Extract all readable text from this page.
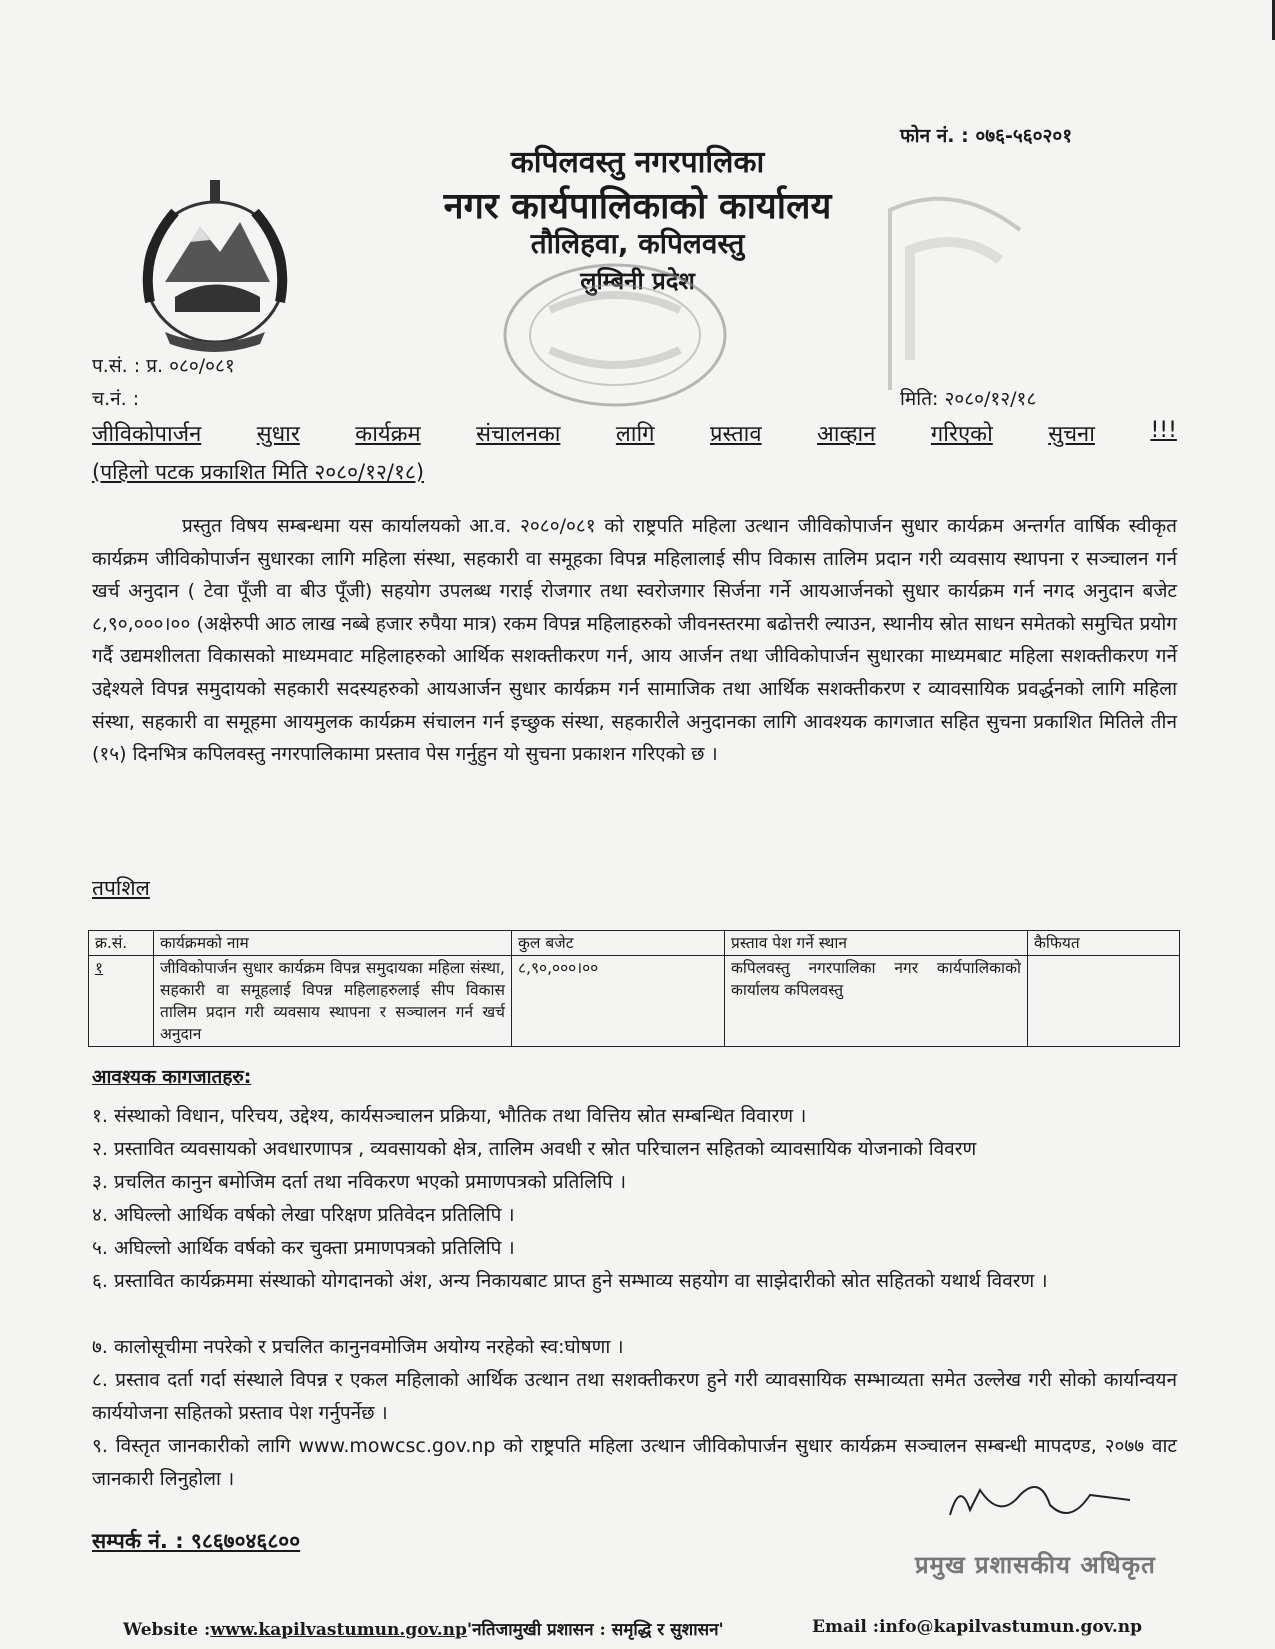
फोन नं. : ०७६-५६०२०१
कपिलवस्तु नगरपालिका
नगर कार्यपालिकाको कार्यालय
तौलिहवा, कपिलवस्तु
लुम्बिनी प्रदेश
प.सं. : प्र. ०८०/०८१
च.नं. :	मिति: २०८०/१२/१८
जीविकोपार्जन	सुधार	कार्यक्रम	संचालनका	लागि	प्रस्ताव	आव्हान	गरिएको	सुचना	!!!
(पहिलो पटक प्रकाशित मिति २०८०/१२/१८)
प्रस्तुत विषय सम्बन्धमा यस कार्यालयको आ.व. २०८०/०८१ को राष्ट्रपति महिला उत्थान जीविकोपार्जन सुधार कार्यक्रम अन्तर्गत वार्षिक स्वीकृत कार्यक्रम जीविकोपार्जन सुधारका लागि महिला संस्था, सहकारी वा समूहका विपन्न महिलालाई सीप विकास तालिम प्रदान गरी व्यवसाय स्थापना र सञ्चालन गर्न खर्च अनुदान ( टेवा पूँजी वा बीउ पूँजी) सहयोग उपलब्ध गराई रोजगार तथा स्वरोजगार सिर्जना गर्ने आयआर्जनको सुधार कार्यक्रम गर्न नगद अनुदान बजेट ८,९०,०००।०० (अक्षेरुपी आठ लाख नब्बे हजार रुपैया मात्र) रकम विपन्न महिलाहरुको जीवनस्तरमा बढोत्तरी ल्याउन, स्थानीय स्रोत साधन समेतको समुचित प्रयोग गर्दै उद्यमशीलता विकासको माध्यमवाट महिलाहरुको आर्थिक सशक्तीकरण गर्न, आय आर्जन तथा जीविकोपार्जन सुधारका माध्यमबाट महिला सशक्तीकरण गर्ने उद्देश्यले विपन्न समुदायको सहकारी सदस्यहरुको आयआर्जन सुधार कार्यक्रम गर्न सामाजिक तथा आर्थिक सशक्तीकरण र व्यावसायिक प्रवर्द्धनको लागि महिला संस्था, सहकारी वा समूहमा आयमुलक कार्यक्रम संचालन गर्न इच्छुक संस्था, सहकारीले अनुदानका लागि आवश्यक कागजात सहित सुचना प्रकाशित मितिले तीन (१५) दिनभित्र कपिलवस्तु नगरपालिकामा प्रस्ताव पेस गर्नुहुन यो सुचना प्रकाशन गरिएको छ ।
तपशिल
क्र.सं.	कार्यक्रमको नाम	कुल बजेट	प्रस्ताव पेश गर्ने स्थान	कैफियत
१	जीविकोपार्जन सुधार कार्यक्रम विपन्न समुदायका महिला संस्था, सहकारी वा समूहलाई विपन्न महिलाहरुलाई सीप विकास तालिम प्रदान गरी व्यवसाय स्थापना र सञ्चालन गर्न खर्च अनुदान	८,९०,०००।००	कपिलवस्तु नगरपालिका नगर कार्यपालिकाको कार्यालय कपिलवस्तु	
आवश्यक कागजातहरु:
१. संस्थाको विधान, परिचय, उद्देश्य, कार्यसञ्चालन प्रक्रिया, भौतिक तथा वित्तिय स्रोत सम्बन्धित विवारण ।
२. प्रस्तावित व्यवसायको अवधारणापत्र , व्यवसायको क्षेत्र, तालिम अवधी र स्रोत परिचालन सहितको व्यावसायिक योजनाको विवरण
३. प्रचलित कानुन बमोजिम दर्ता तथा नविकरण भएको प्रमाणपत्रको प्रतिलिपि ।
४. अघिल्लो आर्थिक वर्षको लेखा परिक्षण प्रतिवेदन प्रतिलिपि ।
५. अघिल्लो आर्थिक वर्षको कर चुक्ता प्रमाणपत्रको प्रतिलिपि ।
६. प्रस्तावित कार्यक्रममा संस्थाको योगदानको अंश, अन्य निकायबाट प्राप्त हुने सम्भाव्य सहयोग वा साझेदारीको स्रोत सहितको यथार्थ विवरण ।
७. कालोसूचीमा नपरेको र प्रचलित कानुनवमोजिम अयोग्य नरहेको स्व:घोषणा ।
८. प्रस्ताव दर्ता गर्दा संस्थाले विपन्न र एकल महिलाको आर्थिक उत्थान तथा सशक्तीकरण हुने गरी व्यावसायिक सम्भाव्यता समेत उल्लेख गरी सोको कार्यान्वयन कार्ययोजना सहितको प्रस्ताव पेश गर्नुपर्नेछ ।
९. विस्तृत जानकारीको लागि www.mowcsc.gov.np को राष्ट्रपति महिला उत्थान जीविकोपार्जन सुधार कार्यक्रम सञ्चालन सम्बन्धी मापदण्ड, २०७७ वाट जानकारी लिनुहोला ।
सम्पर्क नं. : ९८६७०४६८००
प्रमुख प्रशासकीय अधिकृत
Website :www.kapilvastumun.gov.np'नतिजामुखी प्रशासन : समृद्धि र सुशासन'	Email :info@kapilvastumun.gov.np
